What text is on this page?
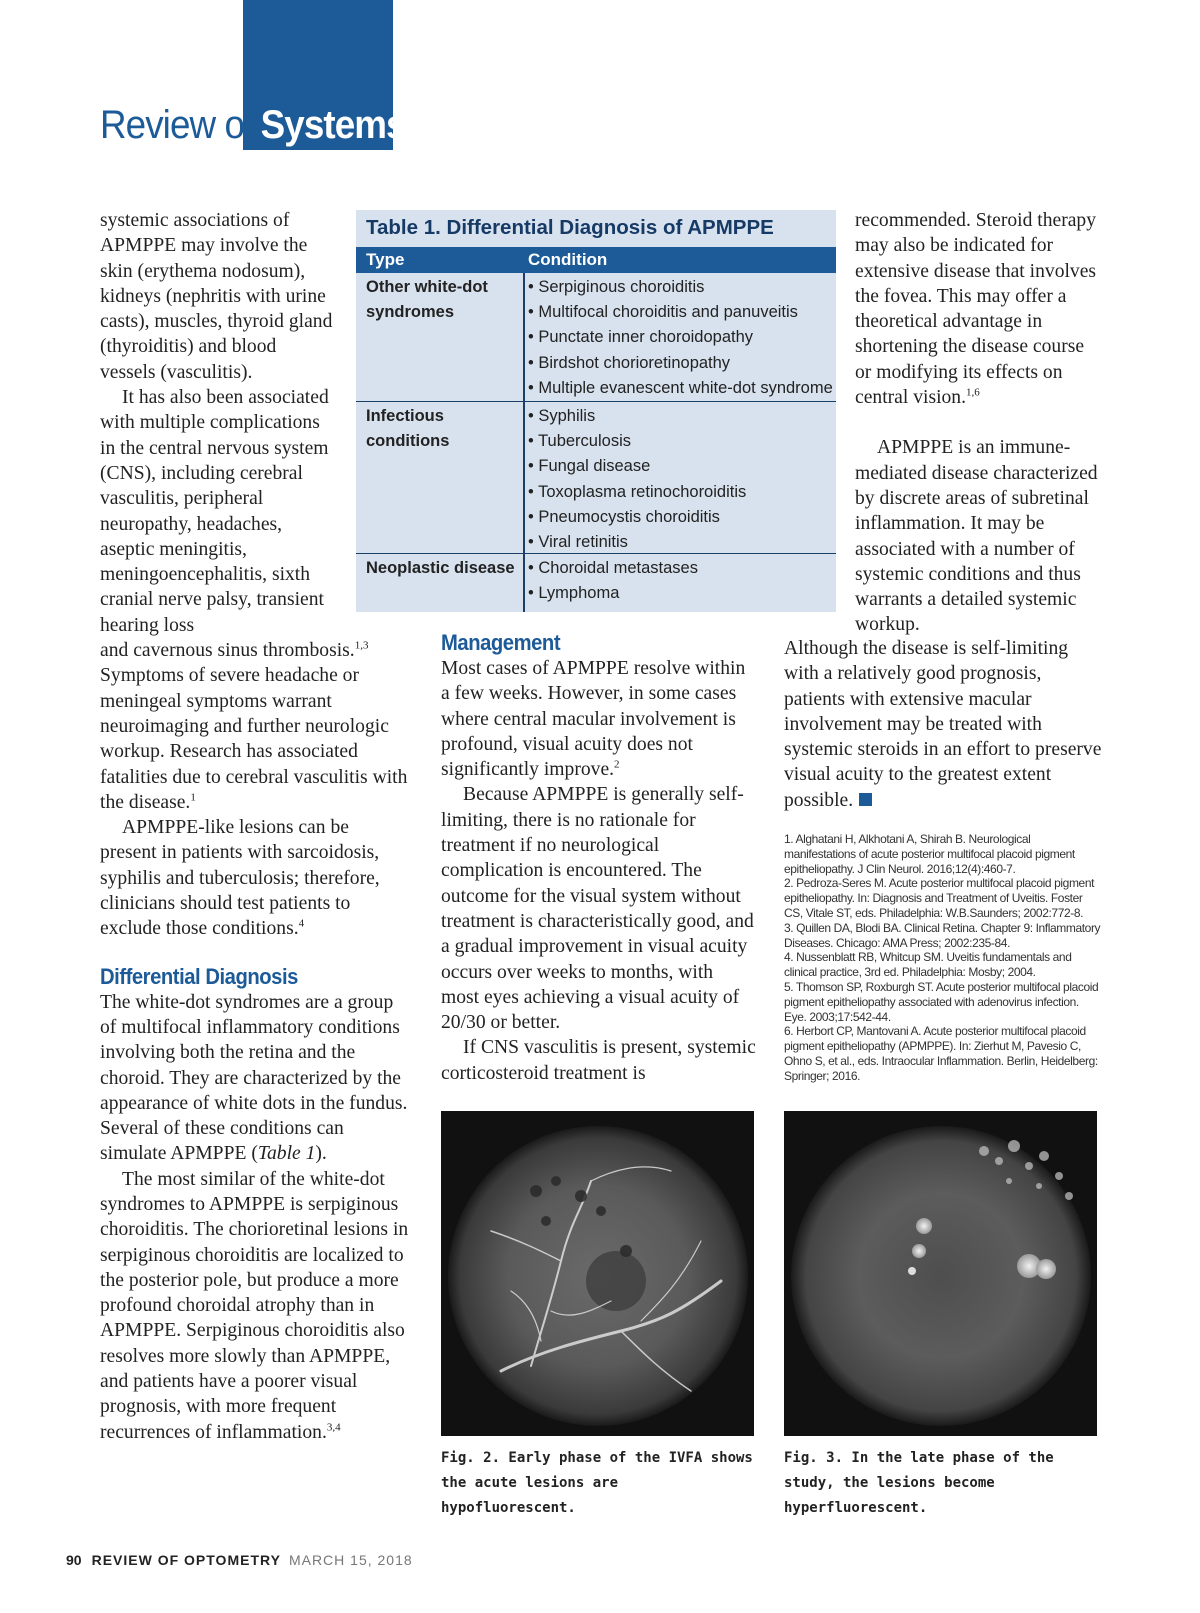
Review of Systems

systemic associations of APMPPE may involve the skin (erythema nodosum), kidneys (nephritis with urine casts), muscles, thyroid gland (thyroiditis) and blood vessels (vasculitis).

It has also been associated with multiple complications in the central nervous system (CNS), including cerebral vasculitis, peripheral neuropathy, headaches, aseptic meningitis, meningoencephalitis, sixth cranial nerve palsy, transient hearing loss

and cavernous sinus thrombosis.$^{1,3}$ Symptoms of severe headache or meningeal symptoms warrant neuroimaging and further neurologic workup. Research has associated fatalities due to cerebral vasculitis with the disease.$^1$

APMPPE-like lesions can be present in patients with sarcoidosis, syphilis and tuberculosis; therefore, clinicians should test patients to exclude those conditions.$^4$

Differential Diagnosis

The white-dot syndromes are a group of multifocal inflammatory conditions involving both the retina and the choroid. They are characterized by the appearance of white dots in the fundus. Several of these conditions can simulate APMPPE (Table 1).

The most similar of the white-dot syndromes to APMPPE is serpiginous choroiditis. The chorioretinal lesions in serpiginous choroiditis are localized to the posterior pole, but produce a more profound choroidal atrophy than in APMPPE. Serpiginous choroiditis also resolves more slowly than APMPPE, and patients have a poorer visual prognosis, with more frequent recurrences of inflammation.$^{3,4}$

Table 1. Differential Diagnosis of APMPPE
Type	Condition
Other white-dot syndromes
• Serpiginous choroiditis
• Multifocal choroiditis and panuveitis
• Punctate inner choroidopathy
• Birdshot chorioretinopathy
• Multiple evanescent white-dot syndrome
Infectious conditions
• Syphilis
• Tuberculosis
• Fungal disease
• Toxoplasma retinochoroiditis
• Pneumocystis choroiditis
• Viral retinitis
Neoplastic disease • Choroidal metastases
• Lymphoma
Management

Most cases of APMPPE resolve within a few weeks. However, in some cases where central macular involvement is profound, visual acuity does not significantly improve.$^2$

Because APMPPE is generally self-limiting, there is no rationale for treatment if no neurological complication is encountered. The outcome for the visual system without treatment is characteristically good, and a gradual improvement in visual acuity occurs over weeks to months, with most eyes achieving a visual acuity of 20/30 or better.

If CNS vasculitis is present, systemic corticosteroid treatment is

recommended. Steroid therapy may also be indicated for extensive disease that involves the fovea. This may offer a theoretical advantage in shortening the disease course or modifying its effects on central vision.$^{1,6}$

APMPPE is an immune-mediated disease characterized by discrete areas of subretinal inflammation. It may be associated with a number of systemic conditions and thus warrants a detailed systemic workup.

Although the disease is self-limiting with a relatively good prognosis, patients with extensive macular involvement may be treated with systemic steroids in an effort to preserve visual acuity to the greatest extent possible.

1. Alghatani H, Alkhotani A, Shirah B. Neurological manifestations of acute posterior multifocal placoid pigment epitheliopathy. J Clin Neurol. 2016;12(4):460-7.
2. Pedroza-Seres M. Acute posterior multifocal placoid pigment epitheliopathy. In: Diagnosis and Treatment of Uveitis. Foster CS, Vitale ST, eds. Philadelphia: W.B.Saunders; 2002:772-8.
3. Quillen DA, Blodi BA. Clinical Retina. Chapter 9: Inflammatory Diseases. Chicago: AMA Press; 2002:235-84.
4. Nussenblatt RB, Whitcup SM. Uveitis fundamentals and clinical practice, 3rd ed. Philadelphia: Mosby; 2004.
5. Thomson SP, Roxburgh ST. Acute posterior multifocal placoid pigment epitheliopathy associated with adenovirus infection. Eye. 2003;17:542-44.
6. Herbort CP, Mantovani A. Acute posterior multifocal placoid pigment epitheliopathy (APMPPE). In: Zierhut M, Pavesio C, Ohno S, et al., eds. Intraocular Inflammation. Berlin, Heidelberg: Springer; 2016.
Fig. 2. Early phase of the IVFA shows the acute lesions are hypofluorescent.
Fig. 3. In the late phase of the study, the lesions become hyperfluorescent.
90 REVIEW OF OPTOMETRY MARCH 15, 2018
